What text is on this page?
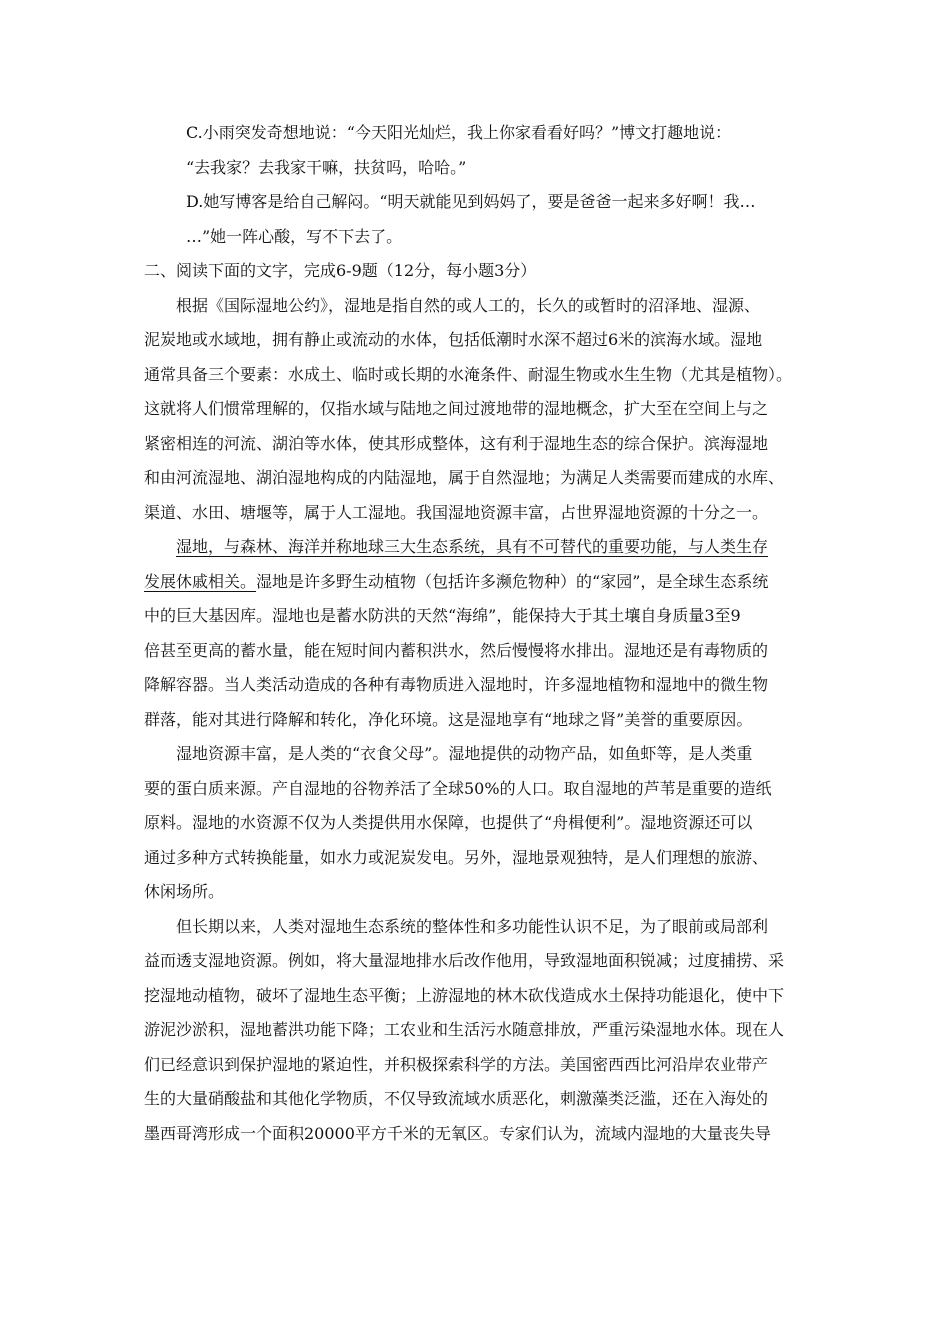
C.小雨突发奇想地说：“今天阳光灿烂，我上你家看看好吗？”博文打趣地说：
“去我家？去我家干嘛，扶贫吗，哈哈。”
D.她写博客是给自己解闷。“明天就能见到妈妈了，要是爸爸一起来多好啊！我…
…”她一阵心酸，写不下去了。
二、阅读下面的文字，完成6-9题（12分，每小题3分）
根据《国际湿地公约》，湿地是指自然的或人工的，长久的或暂时的沼泽地、湿源、
泥炭地或水域地，拥有静止或流动的水体，包括低潮时水深不超过6米的滨海水域。湿地
通常具备三个要素：水成土、临时或长期的水淹条件、耐湿生物或水生生物（尤其是植物）。
这就将人们惯常理解的，仅指水域与陆地之间过渡地带的湿地概念，扩大至在空间上与之
紧密相连的河流、湖泊等水体，使其形成整体，这有利于湿地生态的综合保护。滨海湿地
和由河流湿地、湖泊湿地构成的内陆湿地，属于自然湿地；为满足人类需要而建成的水库、
渠道、水田、塘堰等，属于人工湿地。我国湿地资源丰富，占世界湿地资源的十分之一。
湿地，与森林、海洋并称地球三大生态系统，具有不可替代的重要功能，与人类生存
发展休戚相关。湿地是许多野生动植物（包括许多濒危物种）的“家园”，是全球生态系统
中的巨大基因库。湿地也是蓄水防洪的天然“海绵”，能保持大于其土壤自身质量3至9
倍甚至更高的蓄水量，能在短时间内蓄积洪水，然后慢慢将水排出。湿地还是有毒物质的
降解容器。当人类活动造成的各种有毒物质进入湿地时，许多湿地植物和湿地中的微生物
群落，能对其进行降解和转化，净化环境。这是湿地享有“地球之肾”美誉的重要原因。
湿地资源丰富，是人类的“衣食父母”。湿地提供的动物产品，如鱼虾等，是人类重
要的蛋白质来源。产自湿地的谷物养活了全球50%的人口。取自湿地的芦苇是重要的造纸
原料。湿地的水资源不仅为人类提供用水保障，也提供了“舟楫便利”。湿地资源还可以
通过多种方式转换能量，如水力或泥炭发电。另外，湿地景观独特，是人们理想的旅游、
休闲场所。
但长期以来，人类对湿地生态系统的整体性和多功能性认识不足，为了眼前或局部利
益而透支湿地资源。例如，将大量湿地排水后改作他用，导致湿地面积锐减；过度捕捞、采
挖湿地动植物，破坏了湿地生态平衡；上游湿地的林木砍伐造成水土保持功能退化，使中下
游泥沙淤积，湿地蓄洪功能下降；工农业和生活污水随意排放，严重污染湿地水体。现在人
们已经意识到保护湿地的紧迫性，并积极探索科学的方法。美国密西西比河沿岸农业带产
生的大量硝酸盐和其他化学物质，不仅导致流域水质恶化，刺激藻类泛滥，还在入海处的
墨西哥湾形成一个面积20000平方千米的无氧区。专家们认为，流域内湿地的大量丧失导
